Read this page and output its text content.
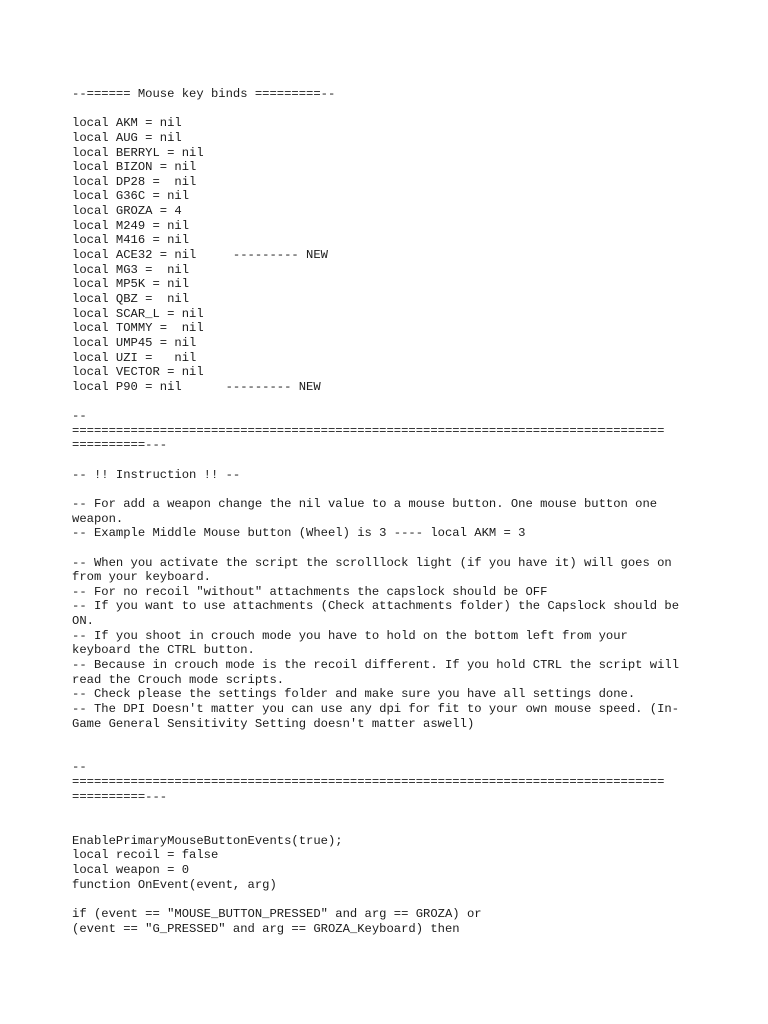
--====== Mouse key binds =========--
local AKM = nil
local AUG = nil
local BERRYL = nil
local BIZON = nil
local DP28 =  nil
local G36C = nil
local GROZA = 4
local M249 = nil
local M416 = nil
local ACE32 = nil     --------- NEW
local MG3 =  nil
local MP5K = nil
local QBZ =  nil
local SCAR_L = nil
local TOMMY =  nil
local UMP45 = nil
local UZI =   nil
local VECTOR = nil
local P90 = nil      --------- NEW
--
=================================================================================
==========---
-- !! Instruction !! --
-- For add a weapon change the nil value to a mouse button. One mouse button one
weapon.
-- Example Middle Mouse button (Wheel) is 3 ---- local AKM = 3
-- When you activate the script the scrolllock light (if you have it) will goes on
from your keyboard.
-- For no recoil "without" attachments the capslock should be OFF
-- If you want to use attachments (Check attachments folder) the Capslock should be
ON.
-- If you shoot in crouch mode you have to hold on the bottom left from your
keyboard the CTRL button.
-- Because in crouch mode is the recoil different. If you hold CTRL the script will
read the Crouch mode scripts.
-- Check please the settings folder and make sure you have all settings done.
-- The DPI Doesn't matter you can use any dpi for fit to your own mouse speed. (In-
Game General Sensitivity Setting doesn't matter aswell)
--
=================================================================================
==========---
EnablePrimaryMouseButtonEvents(true);
local recoil = false
local weapon = 0
function OnEvent(event, arg)
if (event == "MOUSE_BUTTON_PRESSED" and arg == GROZA) or
(event == "G_PRESSED" and arg == GROZA_Keyboard) then
